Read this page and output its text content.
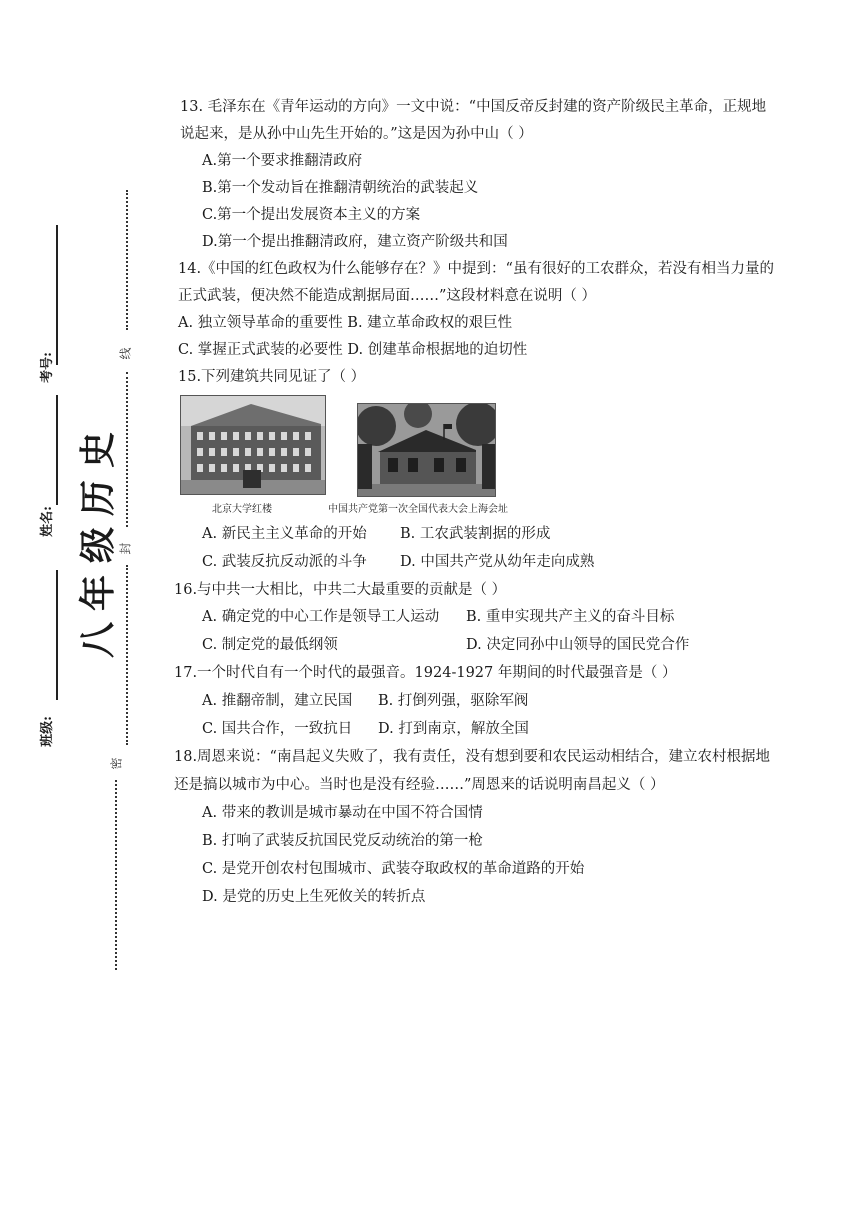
考号:
姓名:
班级:
史
历
级
年
八
线
封
密
13. 毛泽东在《青年运动的方向》一文中说：“中国反帝反封建的资产阶级民主革命，正规地
说起来，是从孙中山先生开始的。”这是因为孙中山（ ）
A.第一个要求推翻清政府
B.第一个发动旨在推翻清朝统治的武装起义
C.第一个提出发展资本主义的方案
D.第一个提出推翻清政府，建立资产阶级共和国
14.《中国的红色政权为什么能够存在？》中提到：“虽有很好的工农群众，若没有相当力量的
正式武装，便决然不能造成割据局面……”这段材料意在说明（ ）
A. 独立领导革命的重要性 B. 建立革命政权的艰巨性
C. 掌握正式武装的必要性 D. 创建革命根据地的迫切性
15.下列建筑共同见证了（ ）
北京大学红楼	中国共产党第一次全国代表大会上海会址
A. 新民主主义革命的开始 B. 工农武装割据的形成
C. 武装反抗反动派的斗争 D. 中国共产党从幼年走向成熟
16.与中共一大相比，中共二大最重要的贡献是（ ）
A. 确定党的中心工作是领导工人运动 B. 重申实现共产主义的奋斗目标
C. 制定党的最低纲领	D. 决定同孙中山领导的国民党合作
17.一个时代自有一个时代的最强音。1924-1927 年期间的时代最强音是（ ）
A. 推翻帝制，建立民国 B. 打倒列强，驱除军阀
C. 国共合作，一致抗日 D. 打到南京，解放全国
18.周恩来说：“南昌起义失败了，我有责任，没有想到要和农民运动相结合，建立农村根据地
还是搞以城市为中心。当时也是没有经验……”周恩来的话说明南昌起义（ ）
A. 带来的教训是城市暴动在中国不符合国情
B. 打响了武装反抗国民党反动统治的第一枪
C. 是党开创农村包围城市、武装夺取政权的革命道路的开始
D. 是党的历史上生死攸关的转折点
